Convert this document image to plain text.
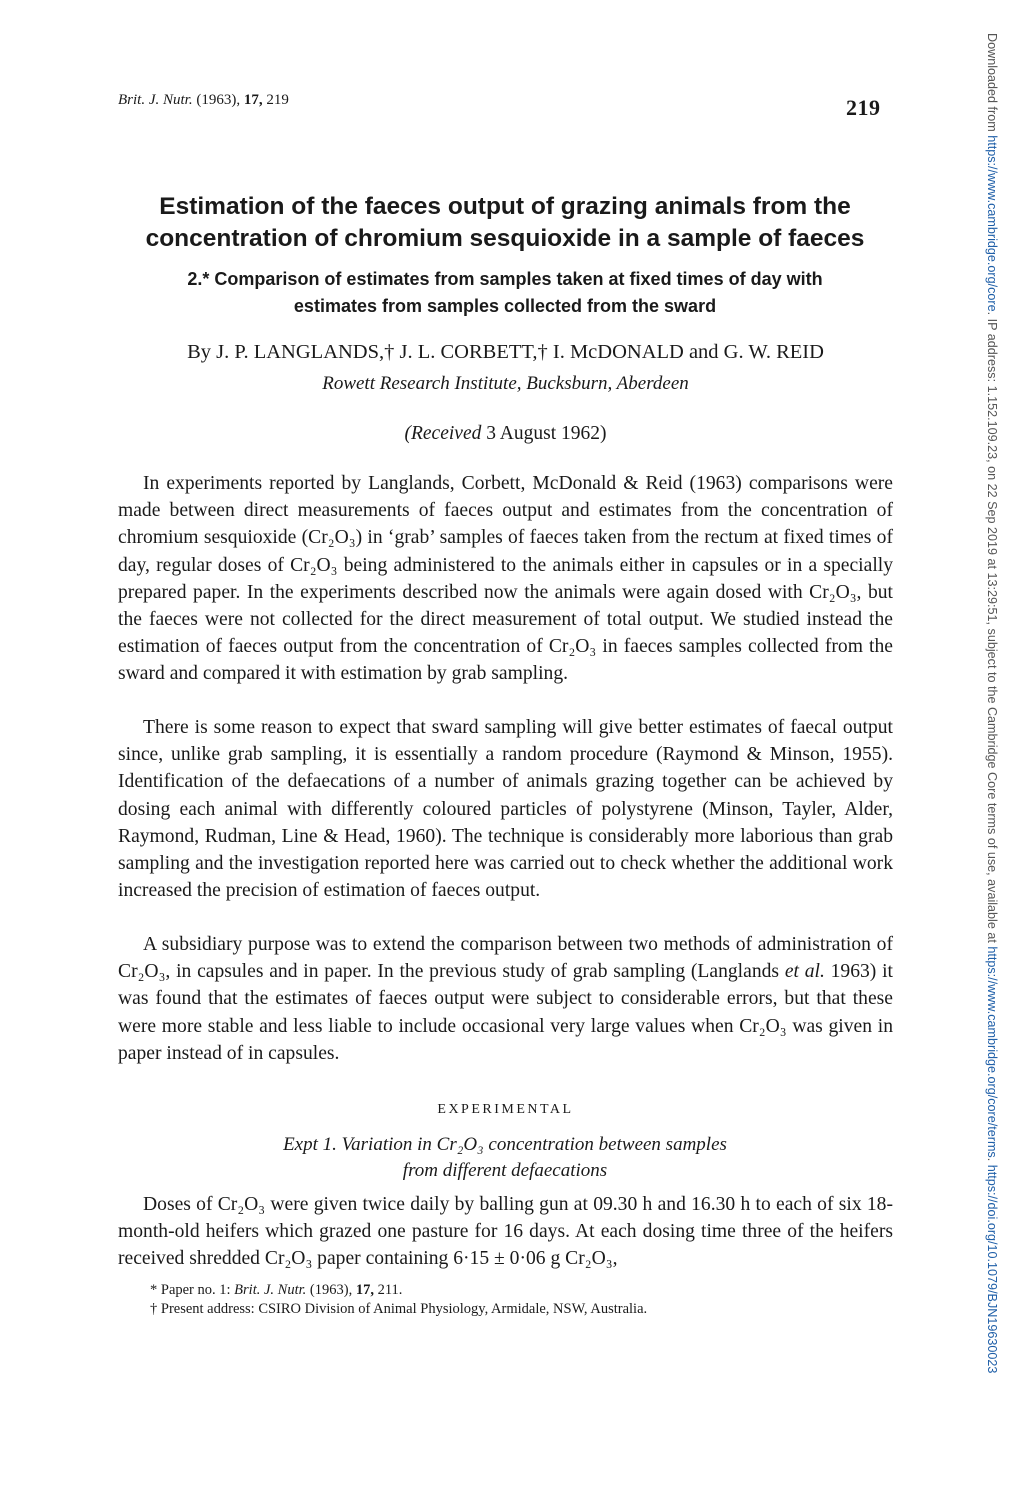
Brit. J. Nutr. (1963), 17, 219	219
Estimation of the faeces output of grazing animals from the
concentration of chromium sesquioxide in a sample of faeces
2.* Comparison of estimates from samples taken at fixed times of day with
estimates from samples collected from the sward
By J. P. LANGLANDS,† J. L. CORBETT,† I. McDONALD and G. W. REID
Rowett Research Institute, Bucksburn, Aberdeen
(Received 3 August 1962)

In experiments reported by Langlands, Corbett, McDonald & Reid (1963) comparisons were made between direct measurements of faeces output and estimates from the concentration of chromium sesquioxide (Cr₂O₃) in ‘grab’ samples of faeces taken from the rectum at fixed times of day, regular doses of Cr₂O₃ being administered to the animals either in capsules or in a specially prepared paper. In the experiments described now the animals were again dosed with Cr₂O₃, but the faeces were not collected for the direct measurement of total output. We studied instead the estimation of faeces output from the concentration of Cr₂O₃ in faeces samples collected from the sward and compared it with estimation by grab sampling.

There is some reason to expect that sward sampling will give better estimates of faecal output since, unlike grab sampling, it is essentially a random procedure (Raymond & Minson, 1955). Identification of the defaecations of a number of animals grazing together can be achieved by dosing each animal with differently coloured particles of polystyrene (Minson, Tayler, Alder, Raymond, Rudman, Line & Head, 1960). The technique is considerably more laborious than grab sampling and the investigation reported here was carried out to check whether the additional work increased the precision of estimation of faeces output.

A subsidiary purpose was to extend the comparison between two methods of administration of Cr₂O₃, in capsules and in paper. In the previous study of grab sampling (Langlands et al. 1963) it was found that the estimates of faeces output were subject to considerable errors, but that these were more stable and less liable to include occasional very large values when Cr₂O₃ was given in paper instead of in capsules.

EXPERIMENTAL
Expt 1. Variation in Cr₂O₃ concentration between samples
from different defaecations

Doses of Cr₂O₃ were given twice daily by balling gun at 09.30 h and 16.30 h to each of six 18-month-old heifers which grazed one pasture for 16 days. At each dosing time three of the heifers received shredded Cr₂O₃ paper containing 6·15 ± 0·06 g Cr₂O₃,

* Paper no. 1: Brit. J. Nutr. (1963), 17, 211.
† Present address: CSIRO Division of Animal Physiology, Armidale, NSW, Australia.
Downloaded from https://www.cambridge.org/core. IP address: 1.152.109.23, on 22 Sep 2019 at 13:29:51, subject to the Cambridge Core terms of use, available at https://www.cambridge.org/core/terms. https://doi.org/10.1079/BJN19630023
